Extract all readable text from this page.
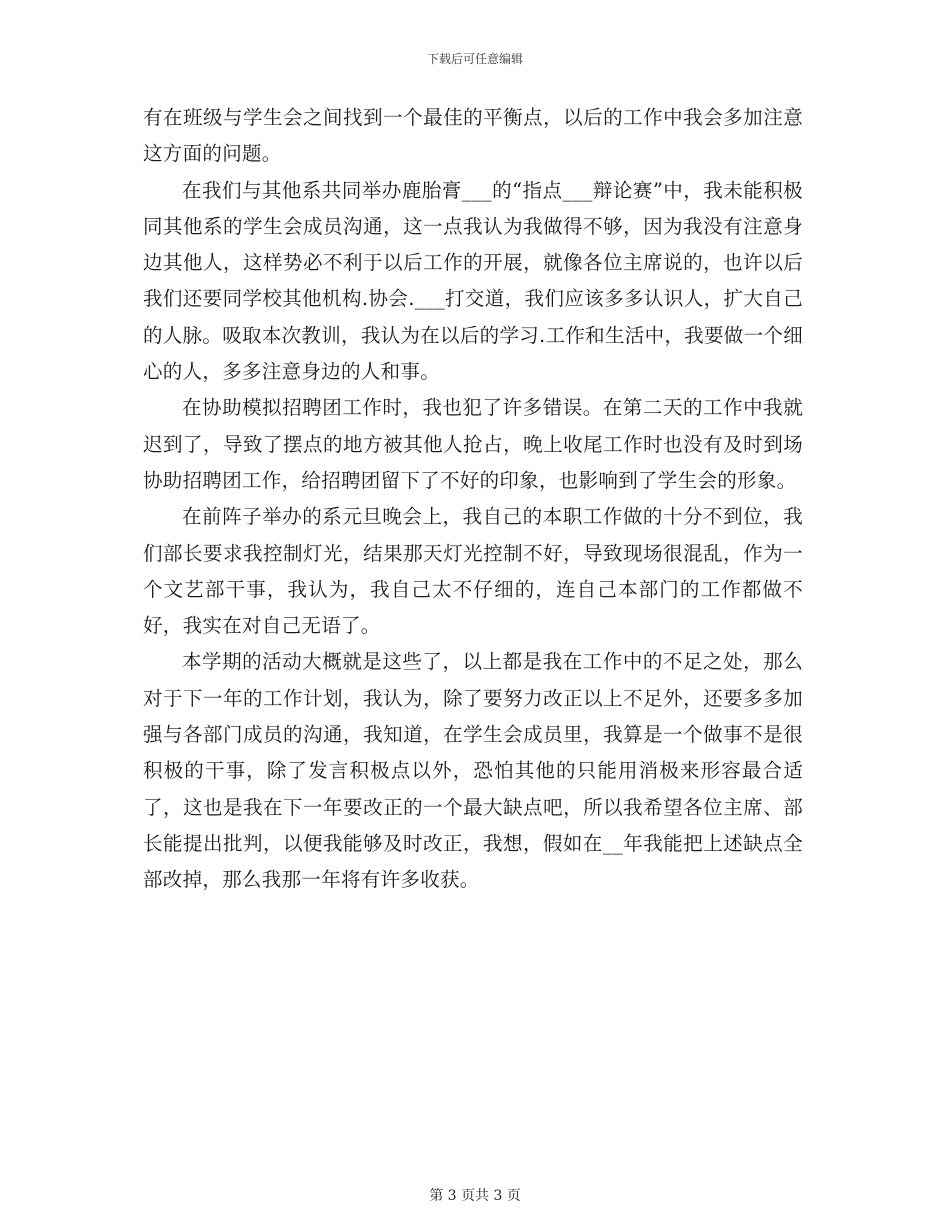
下载后可任意编辑

有在班级与学生会之间找到一个最佳的平衡点，以后的工作中我会多加注意这方面的问题。

在我们与其他系共同举办鹿胎膏___的“指点___辩论赛”中，我未能积极同其他系的学生会成员沟通，这一点我认为我做得不够，因为我没有注意身边其他人，这样势必不利于以后工作的开展，就像各位主席说的，也许以后我们还要同学校其他机构.协会.___打交道，我们应该多多认识人，扩大自己的人脉。吸取本次教训，我认为在以后的学习.工作和生活中，我要做一个细心的人，多多注意身边的人和事。

在协助模拟招聘团工作时，我也犯了许多错误。在第二天的工作中我就迟到了，导致了摆点的地方被其他人抢占，晚上收尾工作时也没有及时到场协助招聘团工作，给招聘团留下了不好的印象，也影响到了学生会的形象。

在前阵子举办的系元旦晚会上，我自己的本职工作做的十分不到位，我们部长要求我控制灯光，结果那天灯光控制不好，导致现场很混乱，作为一个文艺部干事，我认为，我自己太不仔细的，连自己本部门的工作都做不好，我实在对自己无语了。

本学期的活动大概就是这些了，以上都是我在工作中的不足之处，那么对于下一年的工作计划，我认为，除了要努力改正以上不足外，还要多多加强与各部门成员的沟通，我知道，在学生会成员里，我算是一个做事不是很积极的干事，除了发言积极点以外，恐怕其他的只能用消极来形容最合适了，这也是我在下一年要改正的一个最大缺点吧，所以我希望各位主席、部长能提出批判，以便我能够及时改正，我想，假如在__年我能把上述缺点全部改掉，那么我那一年将有许多收获。

第 3 页共 3 页
